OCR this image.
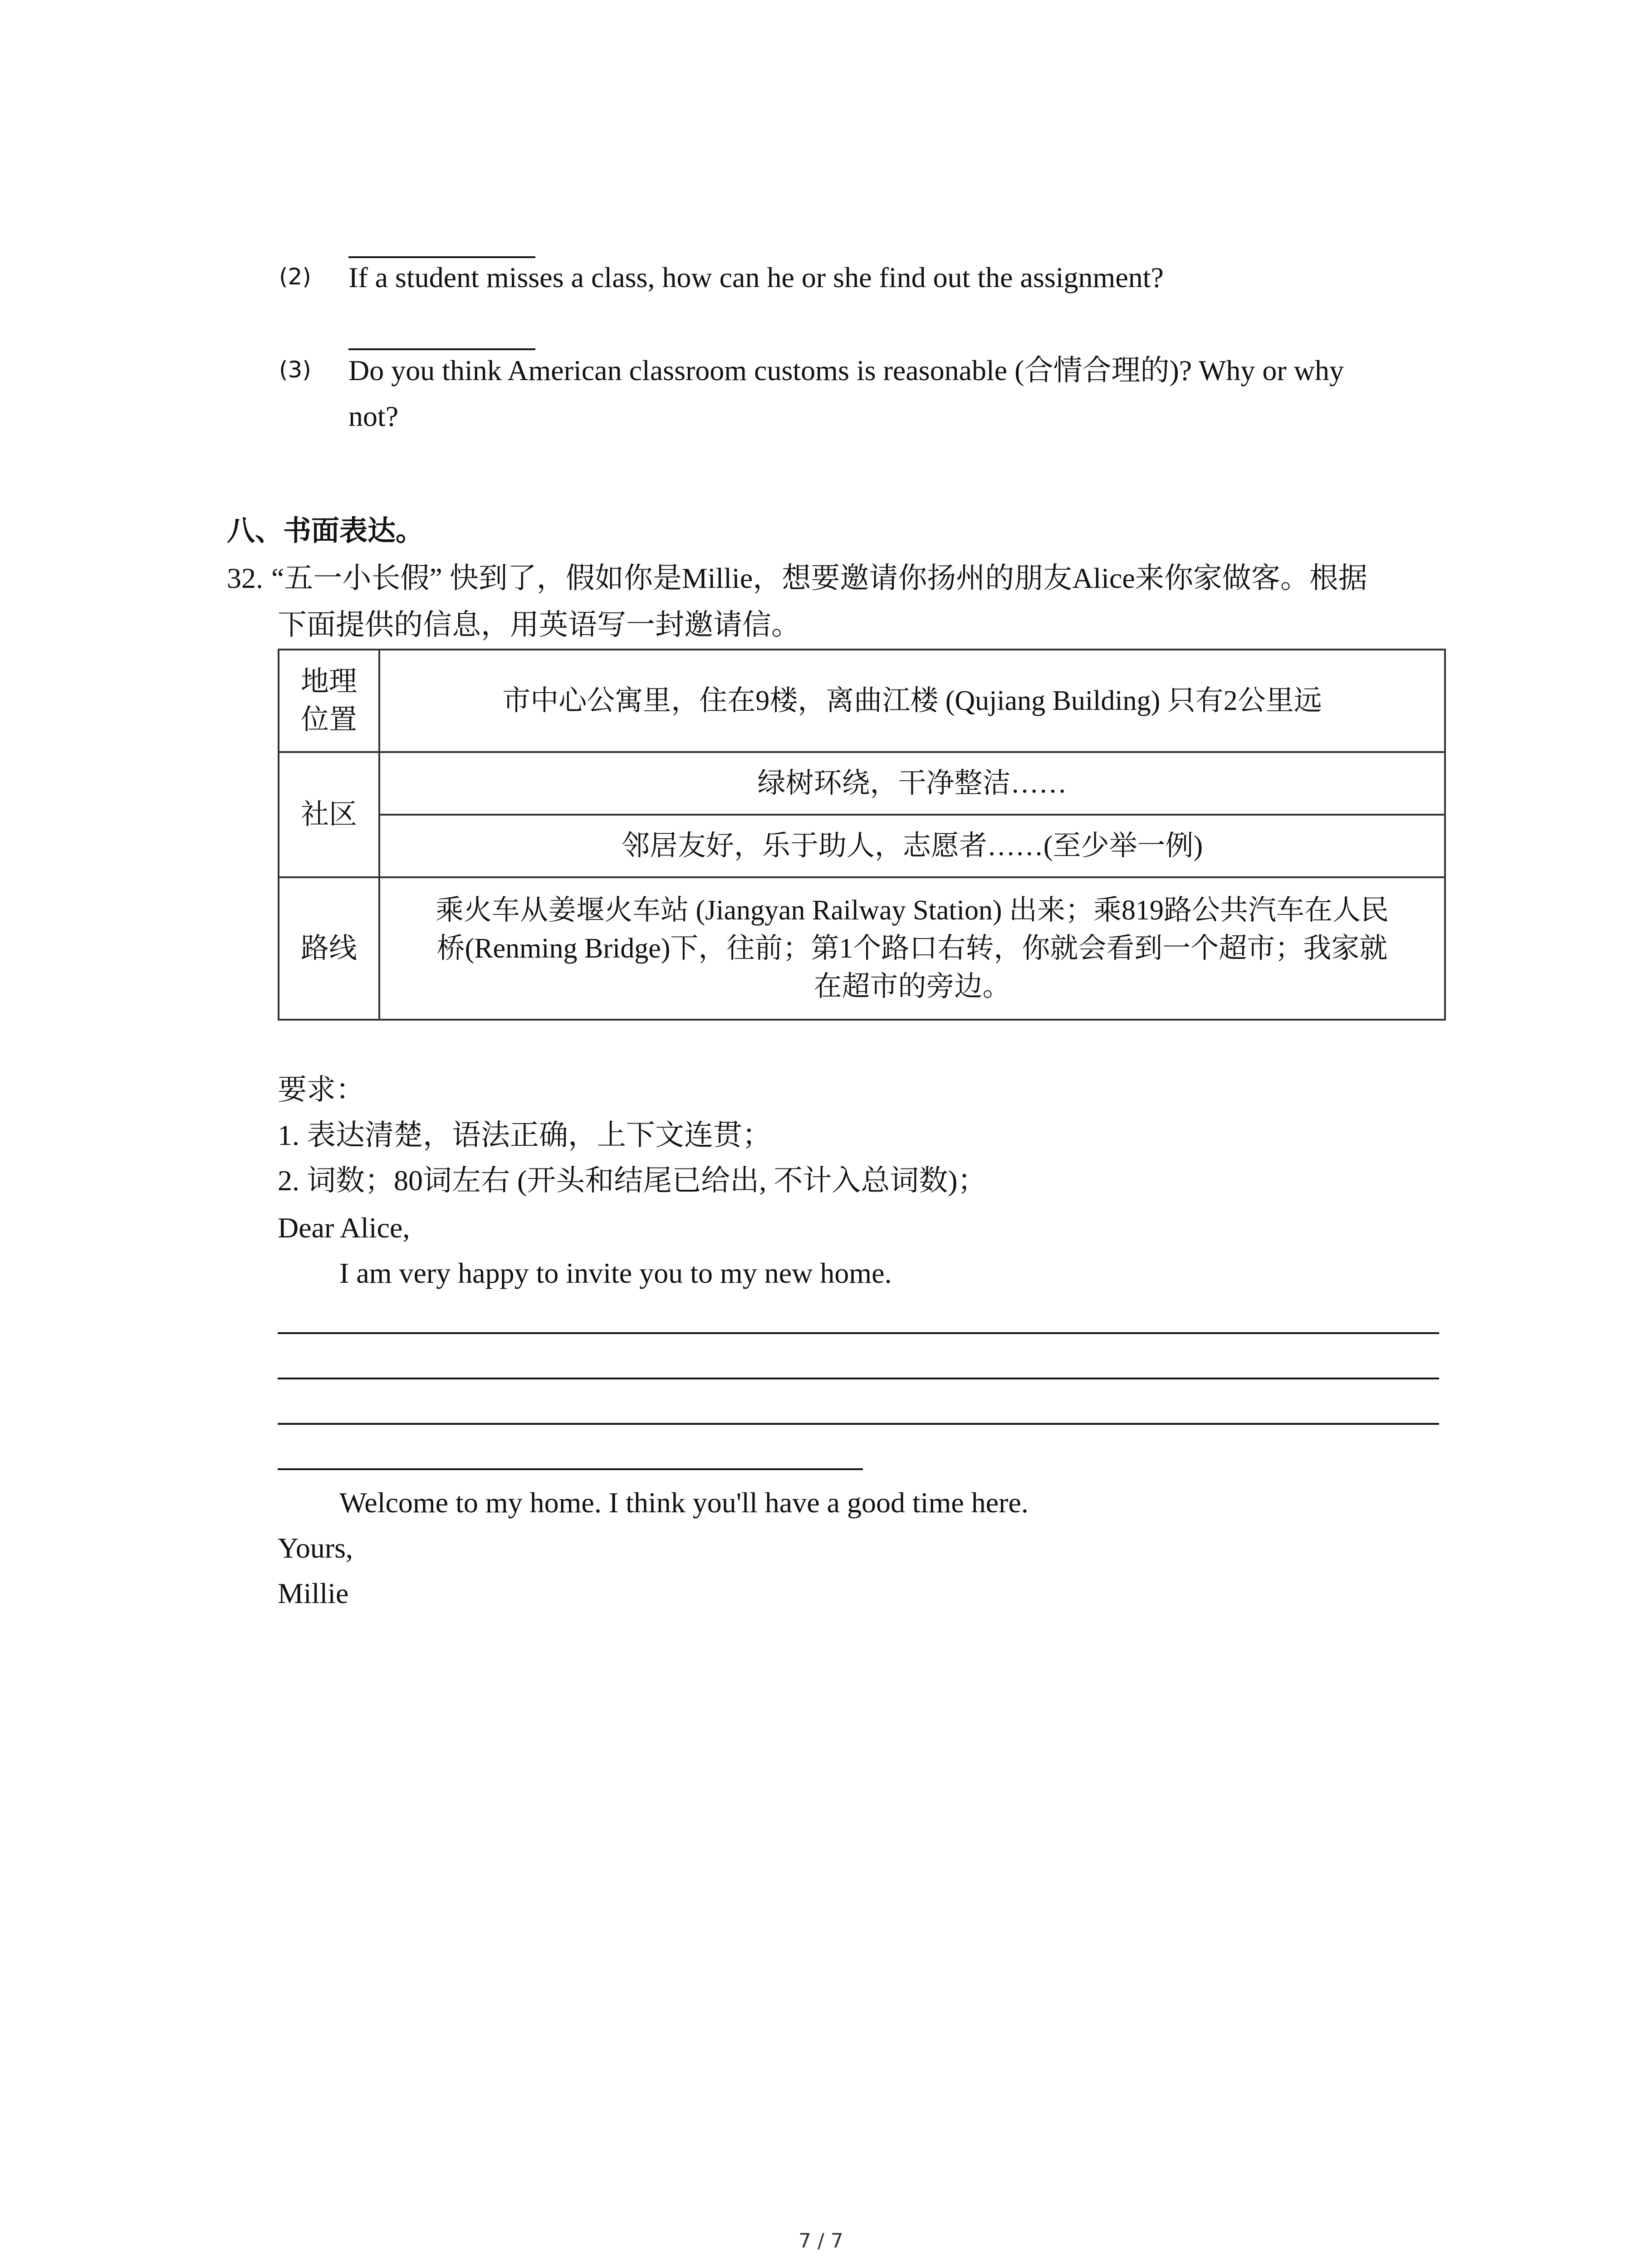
(2) If a student misses a class, how can he or she find out the assignment?
(3) Do you think American classroom customs is reasonable (合情合理的)? Why or why
not?
八、书面表达。
32. “五一小长假” 快到了，假如你是Millie，想要邀请你扬州的朋友Alice来你家做客。根据
下面提供的信息，用英语写一封邀请信。
地理
位置
市中心公寓里，住在9楼，离曲江楼 (Qujiang Building) 只有2公里远
社区
绿树环绕，干净整洁……
邻居友好，乐于助人，志愿者……(至少举一例)
路线
乘火车从姜堰火车站 (Jiangyan Railway Station) 出来；乘819路公共汽车在人民
桥(Renming Bridge)下，往前；第1个路口右转，你就会看到一个超市；我家就
在超市的旁边。
要求：
1. 表达清楚，语法正确，上下文连贯；
2. 词数；80词左右 (开头和结尾已给出, 不计入总词数)；
Dear Alice,
I am very happy to invite you to my new home.
Welcome to my home. I think you'll have a good time here.
Yours,
Millie
7 / 7
